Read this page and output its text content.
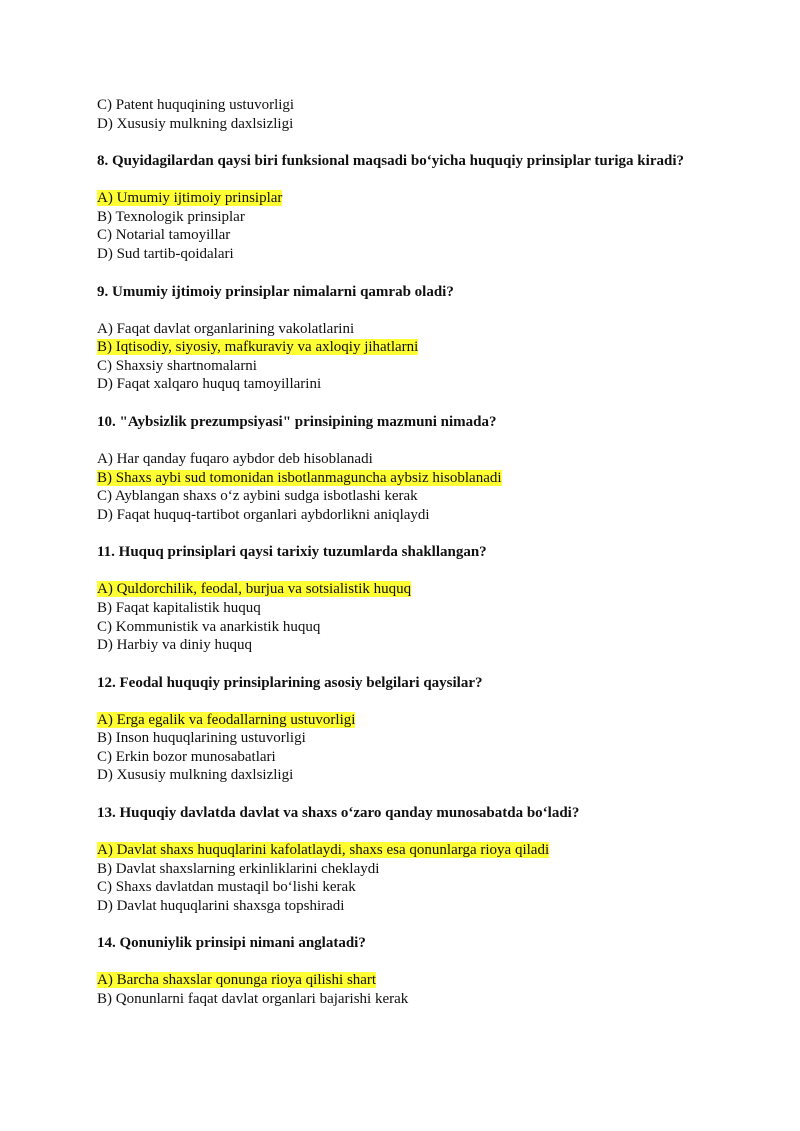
C) Patent huquqining ustuvorligi
D) Xususiy mulkning daxlsizligi
8. Quyidagilardan qaysi biri funksional maqsadi bo‘yicha huquqiy prinsiplar turiga kiradi?
A) Umumiy ijtimoiy prinsiplar
B) Texnologik prinsiplar
C) Notarial tamoyillar
D) Sud tartib-qoidalari
9. Umumiy ijtimoiy prinsiplar nimalarni qamrab oladi?
A) Faqat davlat organlarining vakolatlarini
B) Iqtisodiy, siyosiy, mafkuraviy va axloqiy jihatlarni
C) Shaxsiy shartnomalarni
D) Faqat xalqaro huquq tamoyillarini
10. "Aybsizlik prezumpsiyasi" prinsipining mazmuni nimada?
A) Har qanday fuqaro aybdor deb hisoblanadi
B) Shaxs aybi sud tomonidan isbotlanmaguncha aybsiz hisoblanadi
C) Ayblangan shaxs o‘z aybini sudga isbotlashi kerak
D) Faqat huquq-tartibot organlari aybdorlikni aniqlaydi
11. Huquq prinsiplari qaysi tarixiy tuzumlarda shakllangan?
A) Quldorchilik, feodal, burjua va sotsialistik huquq
B) Faqat kapitalistik huquq
C) Kommunistik va anarkistik huquq
D) Harbiy va diniy huquq
12. Feodal huquqiy prinsiplarining asosiy belgilari qaysilar?
A) Erga egalik va feodallarning ustuvorligi
B) Inson huquqlarining ustuvorligi
C) Erkin bozor munosabatlari
D) Xususiy mulkning daxlsizligi
13. Huquqiy davlatda davlat va shaxs o‘zaro qanday munosabatda bo‘ladi?
A) Davlat shaxs huquqlarini kafolatlaydi, shaxs esa qonunlarga rioya qiladi
B) Davlat shaxslarning erkinliklarini cheklaydi
C) Shaxs davlatdan mustaqil bo‘lishi kerak
D) Davlat huquqlarini shaxsga topshiradi
14. Qonuniylik prinsipi nimani anglatadi?
A) Barcha shaxslar qonunga rioya qilishi shart
B) Qonunlarni faqat davlat organlari bajarishi kerak
